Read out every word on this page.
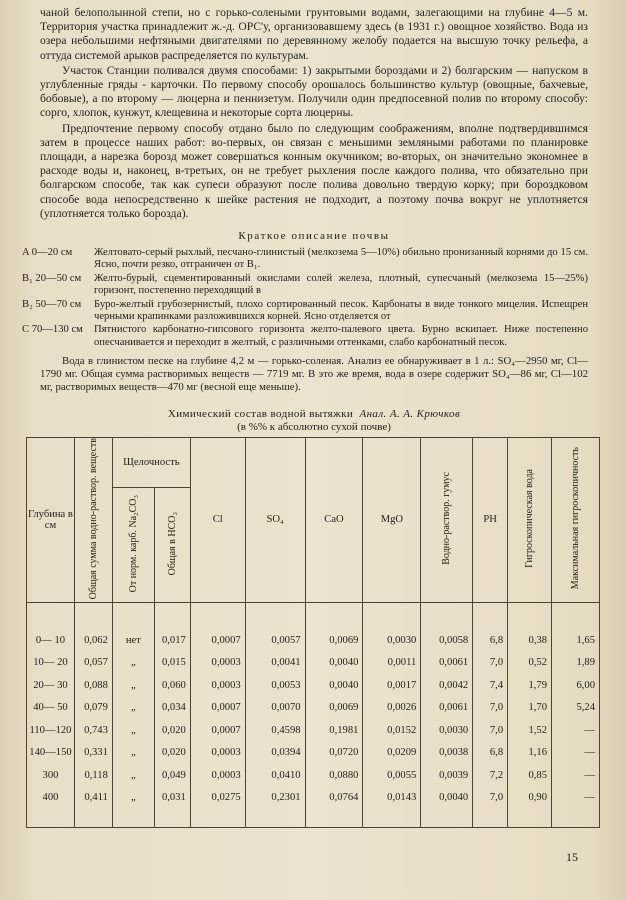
чаной белополынной степи, но с горько-солеными грунтовыми водами, залегающими на глубине 4—5 м. Территория участка принадлежит ж.-д. ОРС'у, организовавшему здесь (в 1931 г.) овощное хозяйство. Вода из озера небольшими нефтяными двигателями по деревянному желобу подается на высшую точку рельефа, а оттуда системой арыков распределяется по культурам.

Участок Станции поливался двумя способами: 1) закрытыми бороздами и 2) болгарским — напуском в углубленные гряды - карточки. По первому способу орошалось большинство культур (овощные, бахчевые, бобовые), а по второму — люцерна и пеннизетум. Получили один предпосевной полив по второму способу: сорго, хлопок, кунжут, клещевина и некоторые сорта люцерны.

Предпочтение первому способу отдано было по следующим соображениям, вполне подтвердившимся затем в процессе наших работ: во-первых, он связан с меньшими земляными работами по планировке площади, а нарезка борозд может совершаться конным окучником; во-вторых, он значительно экономнее в расходе воды и, наконец, в-третьих, он не требует рыхления после каждого полива, что обязательно при болгарском способе, так как супеси образуют после полива довольно твердую корку; при бороздковом способе вода непосредственно к шейке растения не подходит, а поэтому почва вокруг не уплотняется (уплотняется только борозда).

Краткое описание почвы
A 0—20 см	Желтовато-серый рыхлый, песчано-глинистый (мелкозема 5—10%) обильно пронизанный корнями до 15 см. Ясно, почти резко, отграничен от B₁.
B₁ 20—50 см	Желто-бурый, сцементированный окислами солей железа, плотный, супесчаный (мелкозема 15—25%) горизонт, постепенно переходящий в
B₂ 50—70 см	Буро-желтый грубозернистый, плохо сортированный песок. Карбонаты в виде тонкого мицелия. Испещрен черными крапинками разложившихся корней. Ясно отделяется от
C 70—130 см	Пятнистого карбонатно-гипсового горизонта желто-палевого цвета. Бурно вскипает. Ниже постепенно опесчанивается и переходит в желтый, с различными оттенками, слабо карбонатный песок.

Вода в глинистом песке на глубине 4,2 м — горько-соленая. Анализ ее обнаруживает в 1 л.: SO₄—2950 мг, Cl—1790 мг. Общая сумма растворимых веществ — 7719 мг. В это же время, вода в озере содержит SO₄—86 мг, Cl—102 мг, растворимых веществ—470 мг (весной еще меньше).

Химический состав водной вытяжки Анал. А. А. Крючков
(в %% к абсолютно сухой почве)
Глубина в см	Общая сумма водно-раствор. веществ	Щелочность		Cl	SO₄	CaO	MgO	Водно-раствор. гумус	PH	Гигроскопическая вода	Максимальная гигроскопичность
		От норм. карб. Na₂CO₃	Общая в HCO₃								
0— 10	0,062	нет	0,017	0,0007	0,0057	0,0069	0,0030	0,0058	6,8	0,38	1,65
10— 20	0,057	„	0,015	0,0003	0,0041	0,0040	0,0011	0,0061	7,0	0,52	1,89
20— 30	0,088	„	0,060	0,0003	0,0053	0,0040	0,0017	0,0042	7,4	1,79	6,00
40— 50	0,079	„	0,034	0,0007	0,0070	0,0069	0,0026	0,0061	7,0	1,70	5,24
110—120	0,743	„	0,020	0,0007	0,4598	0,1981	0,0152	0,0030	7,0	1,52	—
140—150	0,331	„	0,020	0,0003	0,0394	0,0720	0,0209	0,0038	6,8	1,16	—
300	0,118	„	0,049	0,0003	0,0410	0,0880	0,0055	0,0039	7,2	0,85	—
400	0,411	„	0,031	0,0275	0,2301	0,0764	0,0143	0,0040	7,0	0,90	—
15
